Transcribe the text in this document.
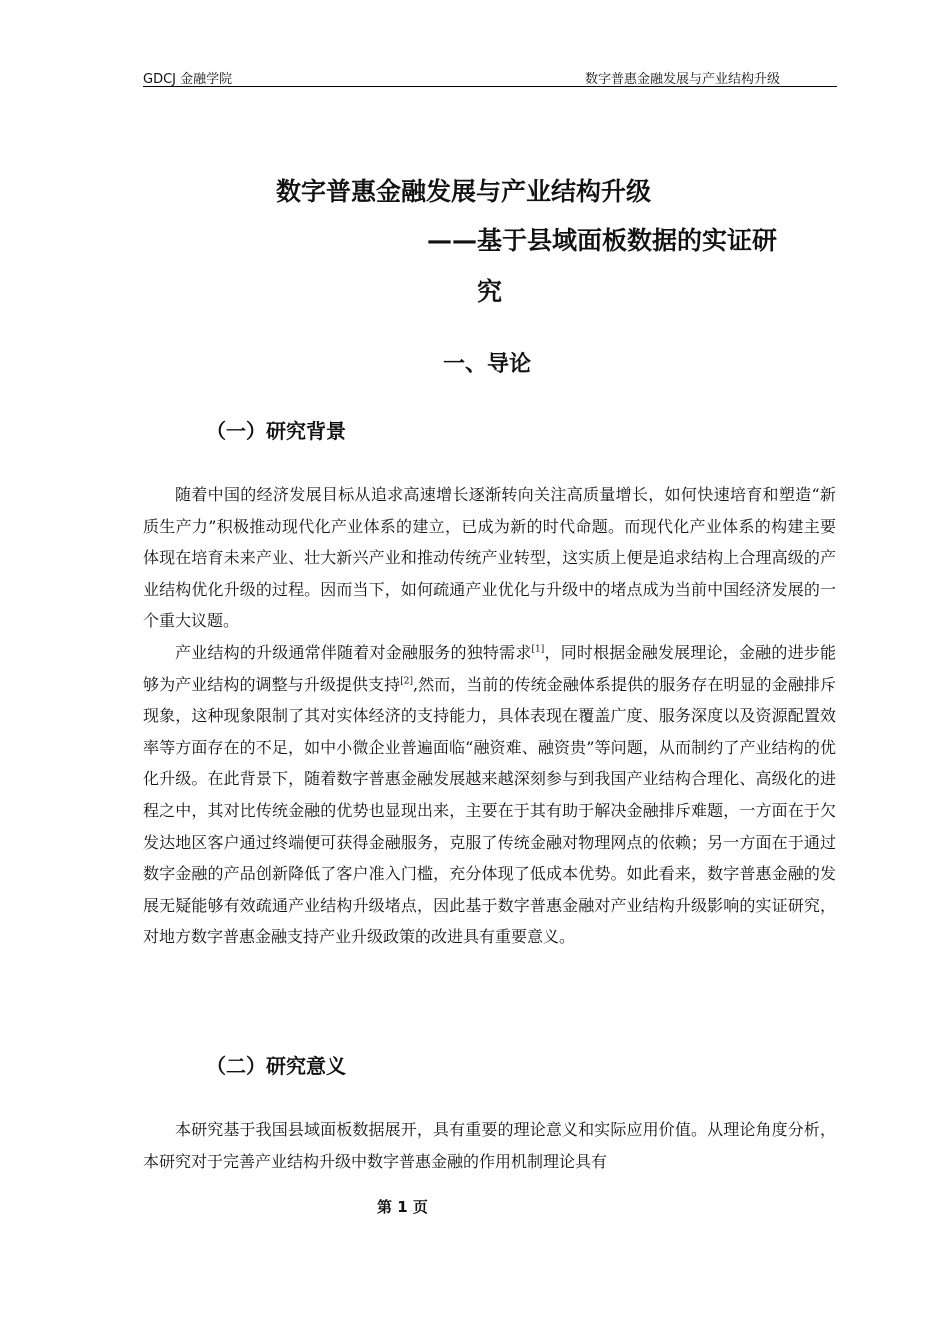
GDCJ 金融学院	数字普惠金融发展与产业结构升级
数字普惠金融发展与产业结构升级
——基于县域面板数据的实证研
究
一、导论
（一）研究背景

随着中国的经济发展目标从追求高速增长逐渐转向关注高质量增长，如何快速培育和塑造“新质生产力”积极推动现代化产业体系的建立，已成为新的时代命题。而现代化产业体系的构建主要体现在培育未来产业、壮大新兴产业和推动传统产业转型，这实质上便是追求结构上合理高级的产业结构优化升级的过程。因而当下，如何疏通产业优化与升级中的堵点成为当前中国经济发展的一个重大议题。

产业结构的升级通常伴随着对金融服务的独特需求[1]，同时根据金融发展理论，金融的进步能够为产业结构的调整与升级提供支持[2],然而，当前的传统金融体系提供的服务存在明显的金融排斥现象，这种现象限制了其对实体经济的支持能力，具体表现在覆盖广度、服务深度以及资源配置效率等方面存在的不足，如中小微企业普遍面临“融资难、融资贵”等问题，从而制约了产业结构的优化升级。在此背景下，随着数字普惠金融发展越来越深刻参与到我国产业结构合理化、高级化的进程之中，其对比传统金融的优势也显现出来，主要在于其有助于解决金融排斥难题，一方面在于欠发达地区客户通过终端便可获得金融服务，克服了传统金融对物理网点的依赖；另一方面在于通过数字金融的产品创新降低了客户准入门槛，充分体现了低成本优势。如此看来，数字普惠金融的发展无疑能够有效疏通产业结构升级堵点，因此基于数字普惠金融对产业结构升级影响的实证研究，对地方数字普惠金融支持产业升级政策的改进具有重要意义。

（二）研究意义

本研究基于我国县域面板数据展开，具有重要的理论意义和实际应用价值。从理论角度分析，本研究对于完善产业结构升级中数字普惠金融的作用机制理论具有

第 1 页
